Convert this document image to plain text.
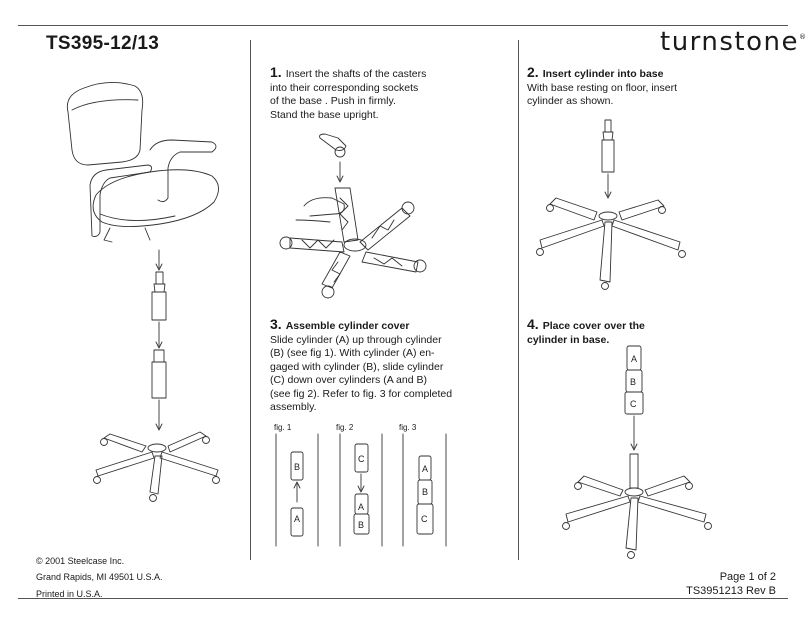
TS395-12/13	turnstone®
1. Insert the shafts of the casters
into their corresponding sockets
of the base . Push in firmly.
Stand the base upright.
2. Insert cylinder into base
With base resting on floor, insert
cylinder as shown.
3. Assemble cylinder cover
Slide cylinder (A) up through cylinder
(B) (see fig 1). With cylinder (A) en-
gaged with cylinder (B), slide cylinder
(C) down over cylinders (A and B)
(see fig 2). Refer to fig. 3 for completed
assembly.
fig. 1	fig. 2	fig. 3
B
A
C
A
B
A
B
C
4. Place cover over the
cylinder in base.
A
B
C
© 2001 Steelcase Inc.
Grand Rapids, MI 49501 U.S.A.
Printed in U.S.A.
Page 1 of 2
TS3951213 Rev B
